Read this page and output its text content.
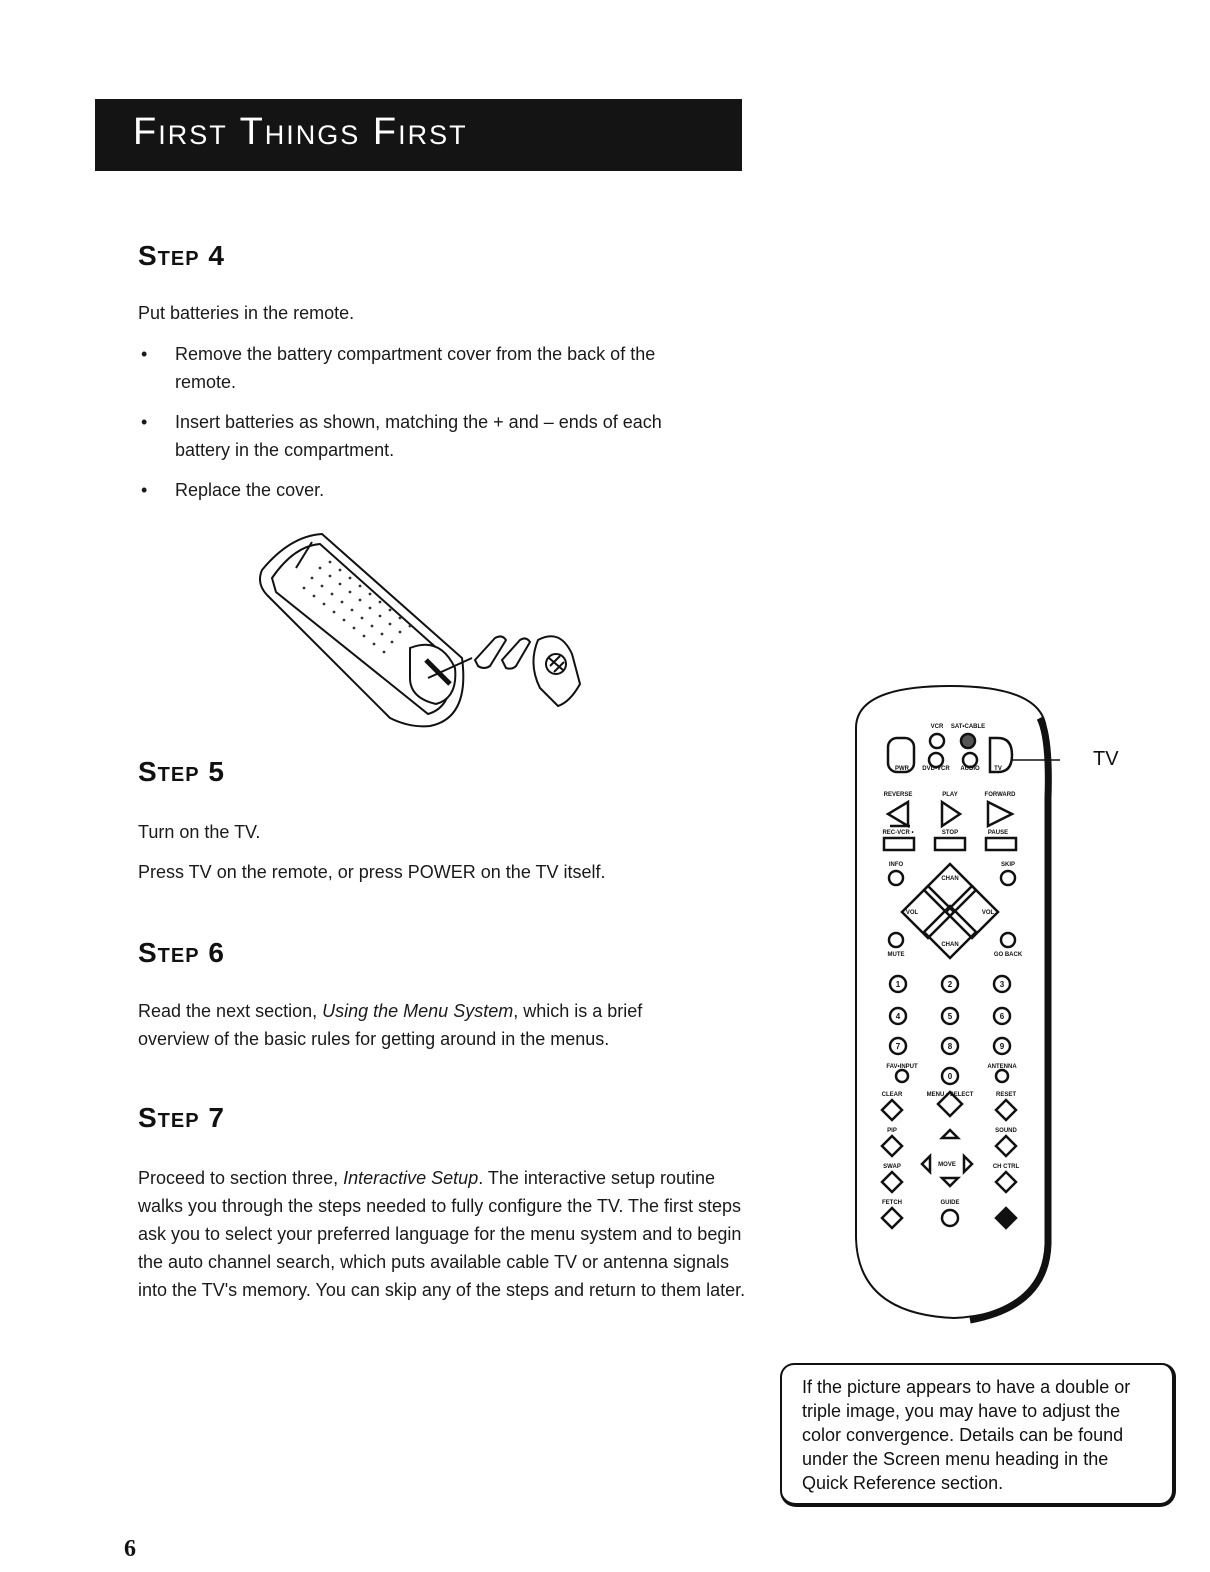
First Things First
Step 4

Put batteries in the remote.

• Remove the battery compartment cover from the back of the remote.
• Insert batteries as shown, matching the + and – ends of each battery in the compartment.
• Replace the cover.
Step 5

Turn on the TV.

Press TV on the remote, or press POWER on the TV itself.

Step 6

Read the next section, Using the Menu System, which is a brief overview of the basic rules for getting around in the menus.

Step 7

Proceed to section three, Interactive Setup. The interactive setup routine walks you through the steps needed to fully configure the TV. The first steps ask you to select your preferred language for the menu system and to begin the auto channel search, which puts available cable TV or antenna signals into the TV's memory. You can skip any of the steps and return to them later.

VCR SAT•CABLE
PWR DVD•VCR AUDIO TV
REVERSE	PLAY	FORWARD
REC-VCR •	STOP	PAUSE
INFO	SKIP
MUTE	GO BACK
FAV•INPUT	ANTENNA
CLEAR	MENU • SELECT	RESET
PIP	SOUND
SWAP	MOVE	CH CTRL
FETCH	GUIDE
CHAN
CHAN
VOL	VOL
1	2	3
4	5	6
7	8	9
0
TV

If the picture appears to have a double or triple image, you may have to adjust the color convergence. Details can be found under the Screen menu heading in the Quick Reference section.

6
